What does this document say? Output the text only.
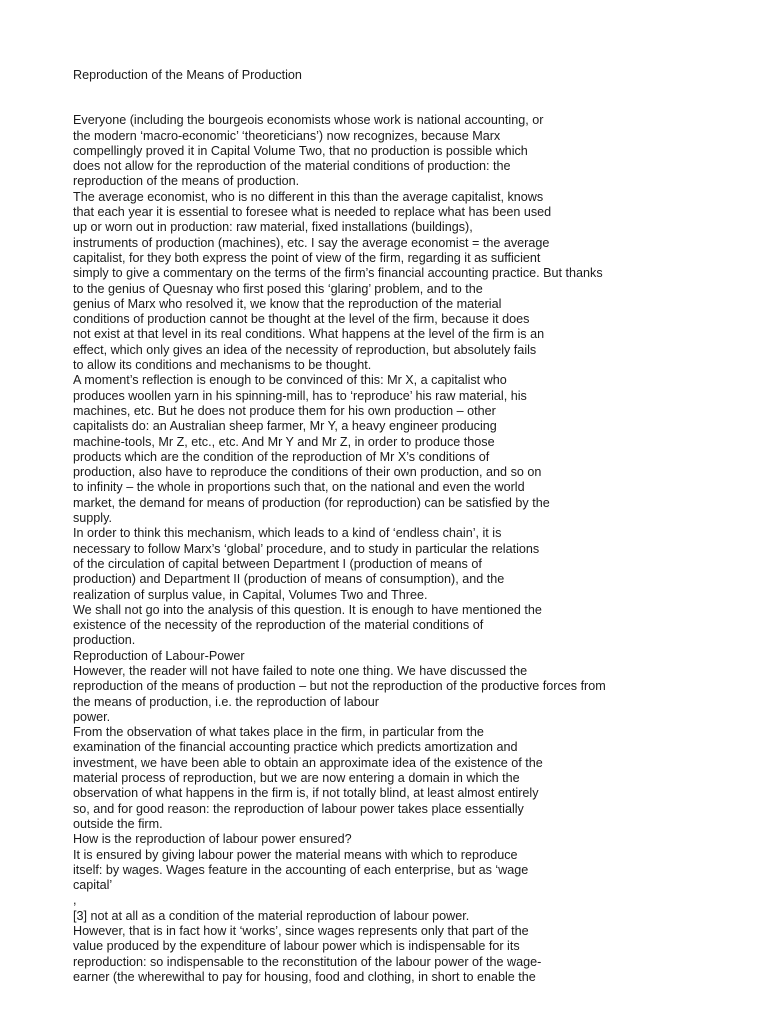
Reproduction of the Means of Production
Everyone (including the bourgeois economists whose work is national accounting, or
the modern ‘macro-economic’ ‘theoreticians’) now recognizes, because Marx
compellingly proved it in Capital Volume Two, that no production is possible which
does not allow for the reproduction of the material conditions of production: the
reproduction of the means of production.
The average economist, who is no different in this than the average capitalist, knows
that each year it is essential to foresee what is needed to replace what has been used
up or worn out in production: raw material, fixed installations (buildings),
instruments of production (machines), etc. I say the average economist = the average
capitalist, for they both express the point of view of the firm, regarding it as sufficient
simply to give a commentary on the terms of the firm’s financial accounting practice. But thanks
to the genius of Quesnay who first posed this ‘glaring’ problem, and to the
genius of Marx who resolved it, we know that the reproduction of the material
conditions of production cannot be thought at the level of the firm, because it does
not exist at that level in its real conditions. What happens at the level of the firm is an
effect, which only gives an idea of the necessity of reproduction, but absolutely fails
to allow its conditions and mechanisms to be thought.
A moment’s reflection is enough to be convinced of this: Mr X, a capitalist who
produces woollen yarn in his spinning-mill, has to ‘reproduce’ his raw material, his
machines, etc. But he does not produce them for his own production – other
capitalists do: an Australian sheep farmer, Mr Y, a heavy engineer producing
machine-tools, Mr Z, etc., etc. And Mr Y and Mr Z, in order to produce those
products which are the condition of the reproduction of Mr X’s conditions of
production, also have to reproduce the conditions of their own production, and so on
to infinity – the whole in proportions such that, on the national and even the world
market, the demand for means of production (for reproduction) can be satisfied by the
supply.
In order to think this mechanism, which leads to a kind of ‘endless chain’, it is
necessary to follow Marx’s ‘global’ procedure, and to study in particular the relations
of the circulation of capital between Department I (production of means of
production) and Department II (production of means of consumption), and the
realization of surplus value, in Capital, Volumes Two and Three.
We shall not go into the analysis of this question. It is enough to have mentioned the
existence of the necessity of the reproduction of the material conditions of
production.
Reproduction of Labour-Power
However, the reader will not have failed to note one thing. We have discussed the
reproduction of the means of production – but not the reproduction of the productive forces from
the means of production, i.e. the reproduction of labour
power.
From the observation of what takes place in the firm, in particular from the
examination of the financial accounting practice which predicts amortization and
investment, we have been able to obtain an approximate idea of the existence of the
material process of reproduction, but we are now entering a domain in which the
observation of what happens in the firm is, if not totally blind, at least almost entirely
so, and for good reason: the reproduction of labour power takes place essentially
outside the firm.
How is the reproduction of labour power ensured?
It is ensured by giving labour power the material means with which to reproduce
itself: by wages. Wages feature in the accounting of each enterprise, but as ‘wage
capital’
,
[3] not at all as a condition of the material reproduction of labour power.
However, that is in fact how it ‘works’, since wages represents only that part of the
value produced by the expenditure of labour power which is indispensable for its
reproduction: so indispensable to the reconstitution of the labour power of the wage-
earner (the wherewithal to pay for housing, food and clothing, in short to enable the
